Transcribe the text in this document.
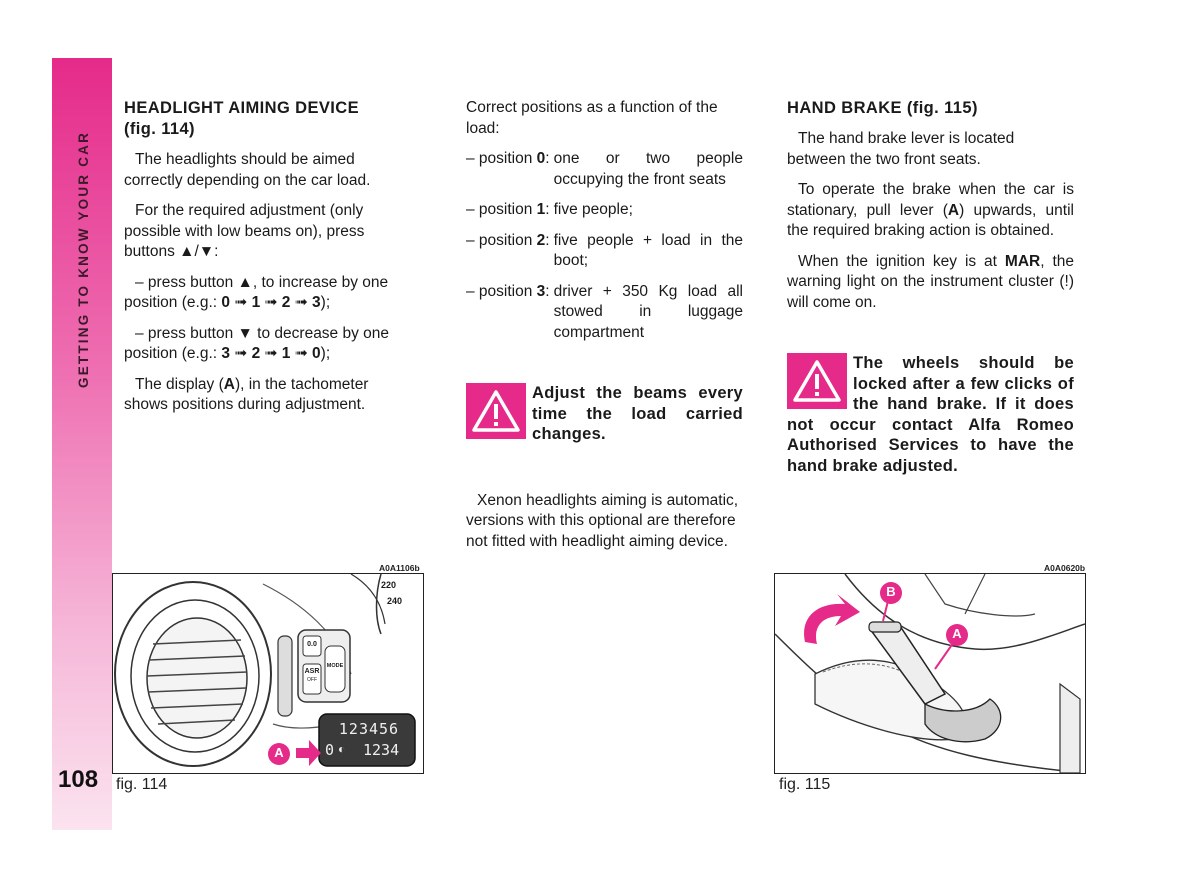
GETTING TO KNOW YOUR CAR
108
HEADLIGHT AIMING DEVICE
(fig. 114)

The headlights should be aimed correctly depending on the car load.

For the required adjustment (only possible with low beams on), press buttons ▲/▼:

– press button ▲, to increase by one position (e.g.: 0 ➟ 1 ➟ 2 ➟ 3);

– press button ▼ to decrease by one position (e.g.: 3 ➟ 2 ➟ 1 ➟ 0);

The display (A), in the tachometer shows positions during adjustment.

Correct positions as a function of the load:

– position 0: one or two people occupying the front seats
– position 1: five people;
– position 2: five people + load in the boot;
– position 3: driver + 350 Kg load all stowed in luggage compartment
Adjust the beams every time the load carried changes.

Xenon headlights aiming is automatic, versions with this optional are therefore not fitted with headlight aiming device.

HAND BRAKE (fig. 115)

The hand brake lever is located between the two front seats.

To operate the brake when the car is stationary, pull lever (A) upwards, until the required braking action is obtained.

When the ignition key is at MAR, the warning light on the instrument cluster (!) will come on.

The wheels should be locked after a few clicks of the hand brake. If it does not occur contact Alfa Romeo Authorised Services to have the hand brake adjusted.
A0A1106b
220
240
0.0
ASR
OFF
MODE
123456
0 ◐ 1234
A
fig. 114
A0A0620b
B
A
fig. 115
